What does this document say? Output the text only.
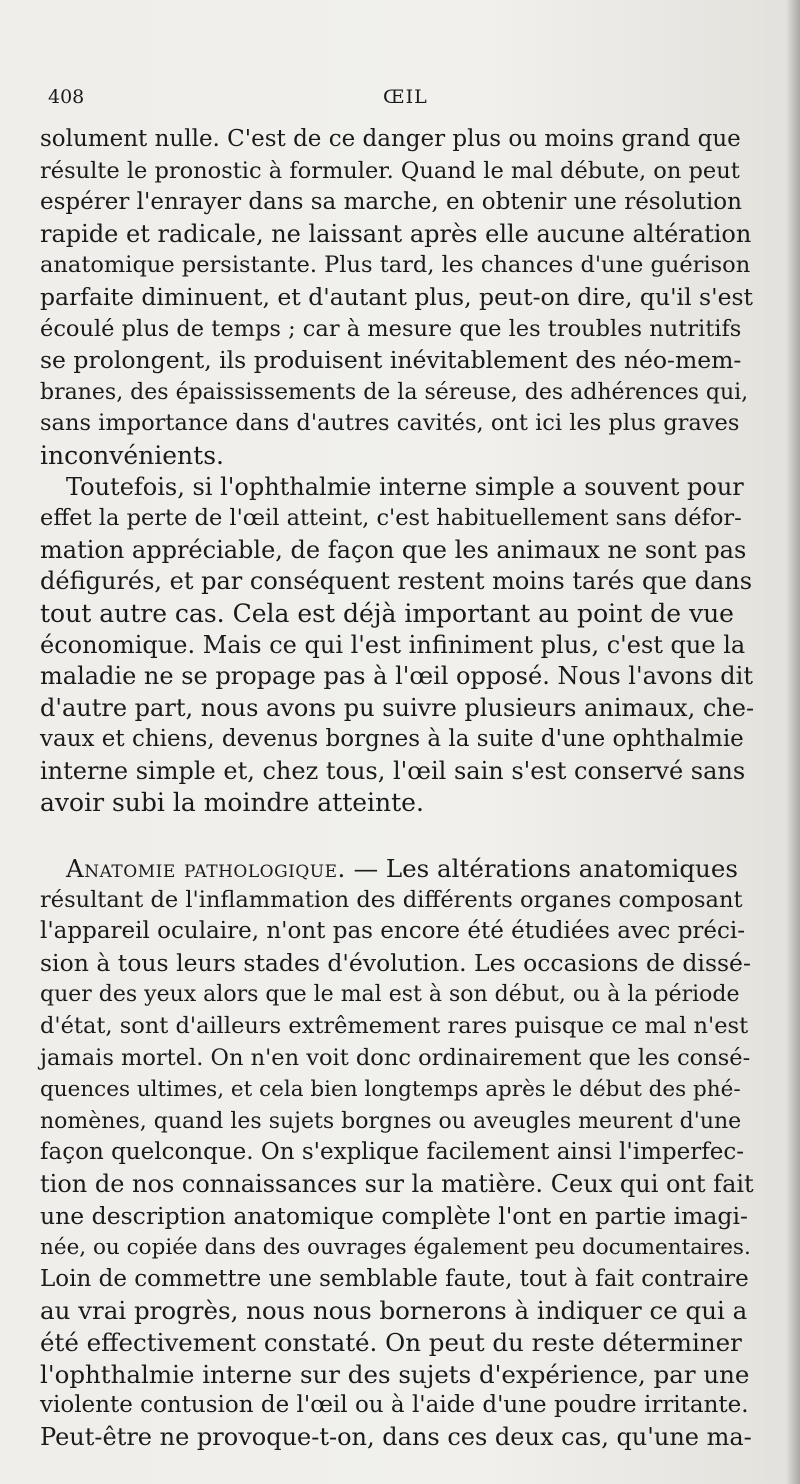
408	ŒIL
solument nulle. C'est de ce danger plus ou moins grand que
résulte le pronostic à formuler. Quand le mal débute, on peut
espérer l'enrayer dans sa marche, en obtenir une résolution
rapide et radicale, ne laissant après elle aucune altération
anatomique persistante. Plus tard, les chances d'une guérison
parfaite diminuent, et d'autant plus, peut-on dire, qu'il s'est
écoulé plus de temps ; car à mesure que les troubles nutritifs
se prolongent, ils produisent inévitablement des néo-mem-
branes, des épaississements de la séreuse, des adhérences qui,
sans importance dans d'autres cavités, ont ici les plus graves
inconvénients.
Toutefois, si l'ophthalmie interne simple a souvent pour
effet la perte de l'œil atteint, c'est habituellement sans défor-
mation appréciable, de façon que les animaux ne sont pas
défigurés, et par conséquent restent moins tarés que dans
tout autre cas. Cela est déjà important au point de vue
économique. Mais ce qui l'est infiniment plus, c'est que la
maladie ne se propage pas à l'œil opposé. Nous l'avons dit
d'autre part, nous avons pu suivre plusieurs animaux, che-
vaux et chiens, devenus borgnes à la suite d'une ophthalmie
interne simple et, chez tous, l'œil sain s'est conservé sans
avoir subi la moindre atteinte.
Anatomie pathologique. — Les altérations anatomiques
résultant de l'inflammation des différents organes composant
l'appareil oculaire, n'ont pas encore été étudiées avec préci-
sion à tous leurs stades d'évolution. Les occasions de dissé-
quer des yeux alors que le mal est à son début, ou à la période
d'état, sont d'ailleurs extrêmement rares puisque ce mal n'est
jamais mortel. On n'en voit donc ordinairement que les consé-
quences ultimes, et cela bien longtemps après le début des phé-
nomènes, quand les sujets borgnes ou aveugles meurent d'une
façon quelconque. On s'explique facilement ainsi l'imperfec-
tion de nos connaissances sur la matière. Ceux qui ont fait
une description anatomique complète l'ont en partie imagi-
née, ou copiée dans des ouvrages également peu documentaires.
Loin de commettre une semblable faute, tout à fait contraire
au vrai progrès, nous nous bornerons à indiquer ce qui a
été effectivement constaté. On peut du reste déterminer
l'ophthalmie interne sur des sujets d'expérience, par une
violente contusion de l'œil ou à l'aide d'une poudre irritante.
Peut-être ne provoque-t-on, dans ces deux cas, qu'une ma-
